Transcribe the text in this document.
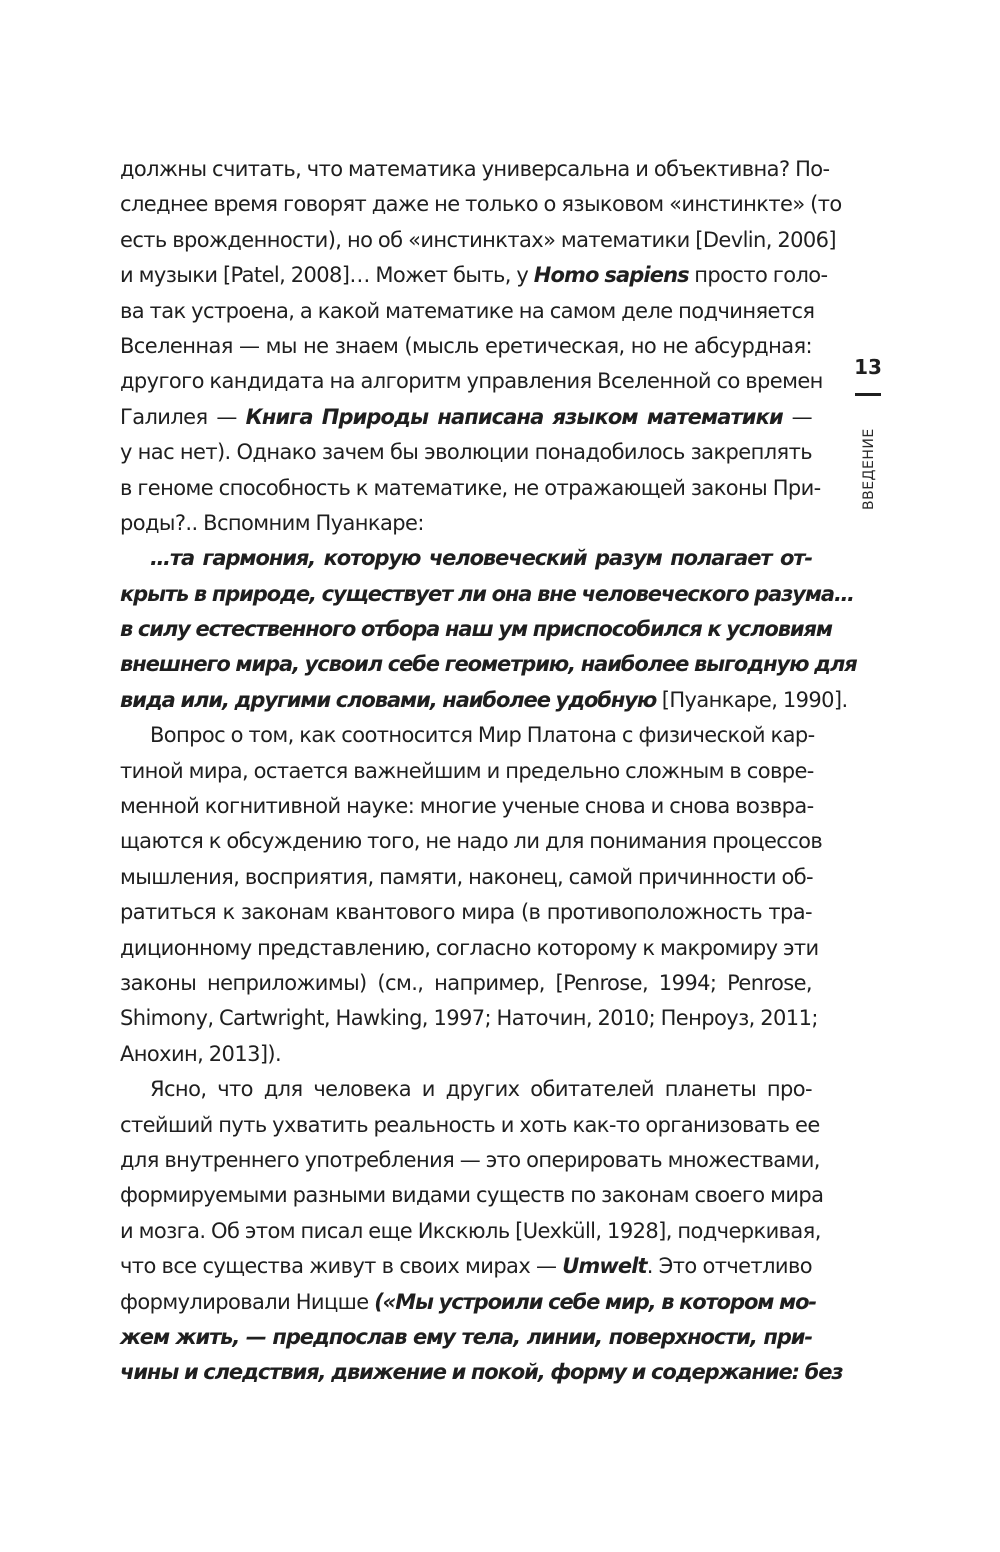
должны считать, что математика универсальна и объективна? По-
следнее время говорят даже не только о языковом «инстинкте» (то
есть врожденности), но об «инстинктах» математики [Devlin, 2006]
и музыки [Patel, 2008]… Может быть, у Homo sapiens просто голо-
ва так устроена, а какой математике на самом деле подчиняется
Вселенная — мы не знаем (мысль еретическая, но не абсурдная:
другого кандидата на алгоритм управления Вселенной со времен
Галилея — Книга Природы написана языком математики —
у нас нет). Однако зачем бы эволюции понадобилось закреплять
в геноме способность к математике, не отражающей законы При-
роды?.. Вспомним Пуанкаре:
…та гармония, которую человеческий разум полагает от-
крыть в природе, существует ли она вне человеческого разума…
в силу естественного отбора наш ум приспособился к условиям
внешнего мира, усвоил себе геометрию, наиболее выгодную для
вида или, другими словами, наиболее удобную [Пуанкаре, 1990].
Вопрос о том, как соотносится Мир Платона с физической кар-
тиной мира, остается важнейшим и предельно сложным в совре-
менной когнитивной науке: многие ученые снова и снова возвра-
щаются к обсуждению того, не надо ли для понимания процессов
мышления, восприятия, памяти, наконец, самой причинности об-
ратиться к законам квантового мира (в противоположность тра-
диционному представлению, согласно которому к макромиру эти
законы неприложимы) (см., например, [Penrose, 1994; Penrose,
Shimony, Cartwright, Hawking, 1997; Наточин, 2010; Пенроуз, 2011;
Анохин, 2013]).
Ясно, что для человека и других обитателей планеты про-
стейший путь ухватить реальность и хоть как-то организовать ее
для внутреннего употребления — это оперировать множествами,
формируемыми разными видами существ по законам своего мира
и мозга. Об этом писал еще Икскюль [Uexküll, 1928], подчеркивая,
что все существа живут в своих мирах — Umwelt. Это отчетливо
формулировали Ницше («Мы устроили себе мир, в котором мо-
жем жить, — предпослав ему тела, линии, поверхности, при-
чины и следствия, движение и покой, форму и содержание: без
13
ВВЕДЕНИЕ
